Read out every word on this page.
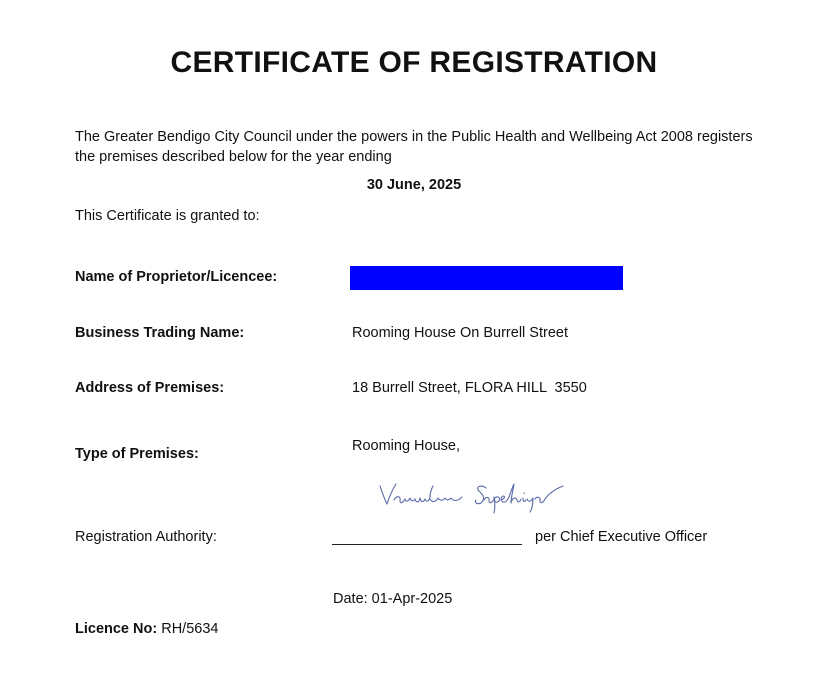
CERTIFICATE OF REGISTRATION
The Greater Bendigo City Council under the powers in the Public Health and Wellbeing Act 2008 registers the premises described below for the year ending
30 June, 2025
This Certificate is granted to:
Name of Proprietor/Licencee:
Business Trading Name:	Rooming House On Burrell Street
Address of Premises:	18 Burrell Street, FLORA HILL  3550
Type of Premises:	Rooming House,
Registration Authority:	per Chief Executive Officer
Date: 01-Apr-2025
Licence No: RH/5634
